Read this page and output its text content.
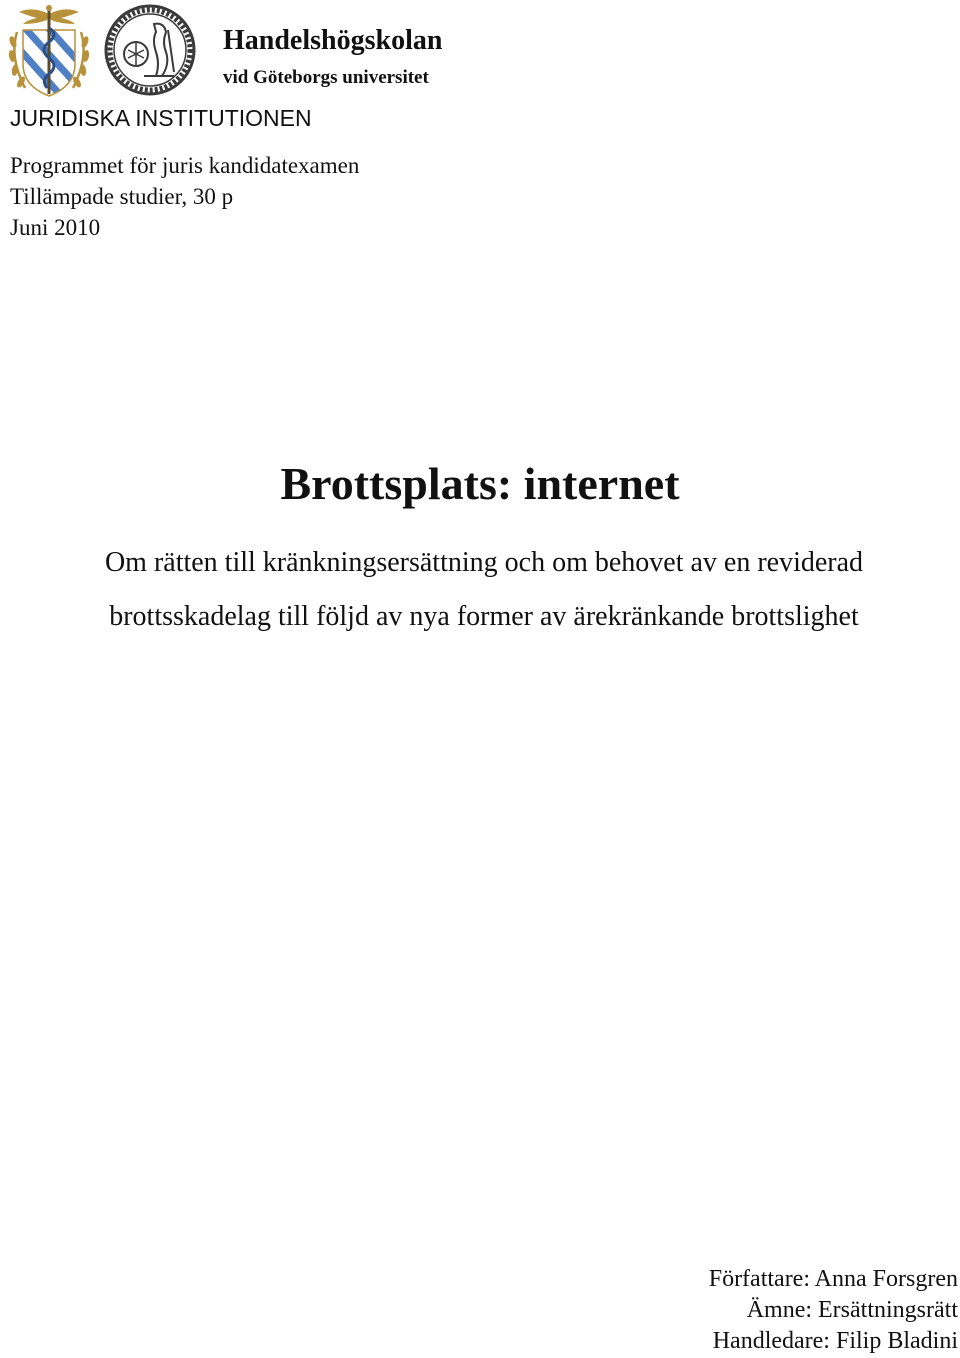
Handelshögskolan
vid Göteborgs universitet
JURIDISKA INSTITUTIONEN
Programmet för juris kandidatexamen
Tillämpade studier, 30 p
Juni 2010
Brottsplats: internet
Om rätten till kränkningsersättning och om behovet av en reviderad
brottsskadelag till följd av nya former av ärekränkande brottslighet
Författare: Anna Forsgren
Ämne: Ersättningsrätt
Handledare: Filip Bladini
